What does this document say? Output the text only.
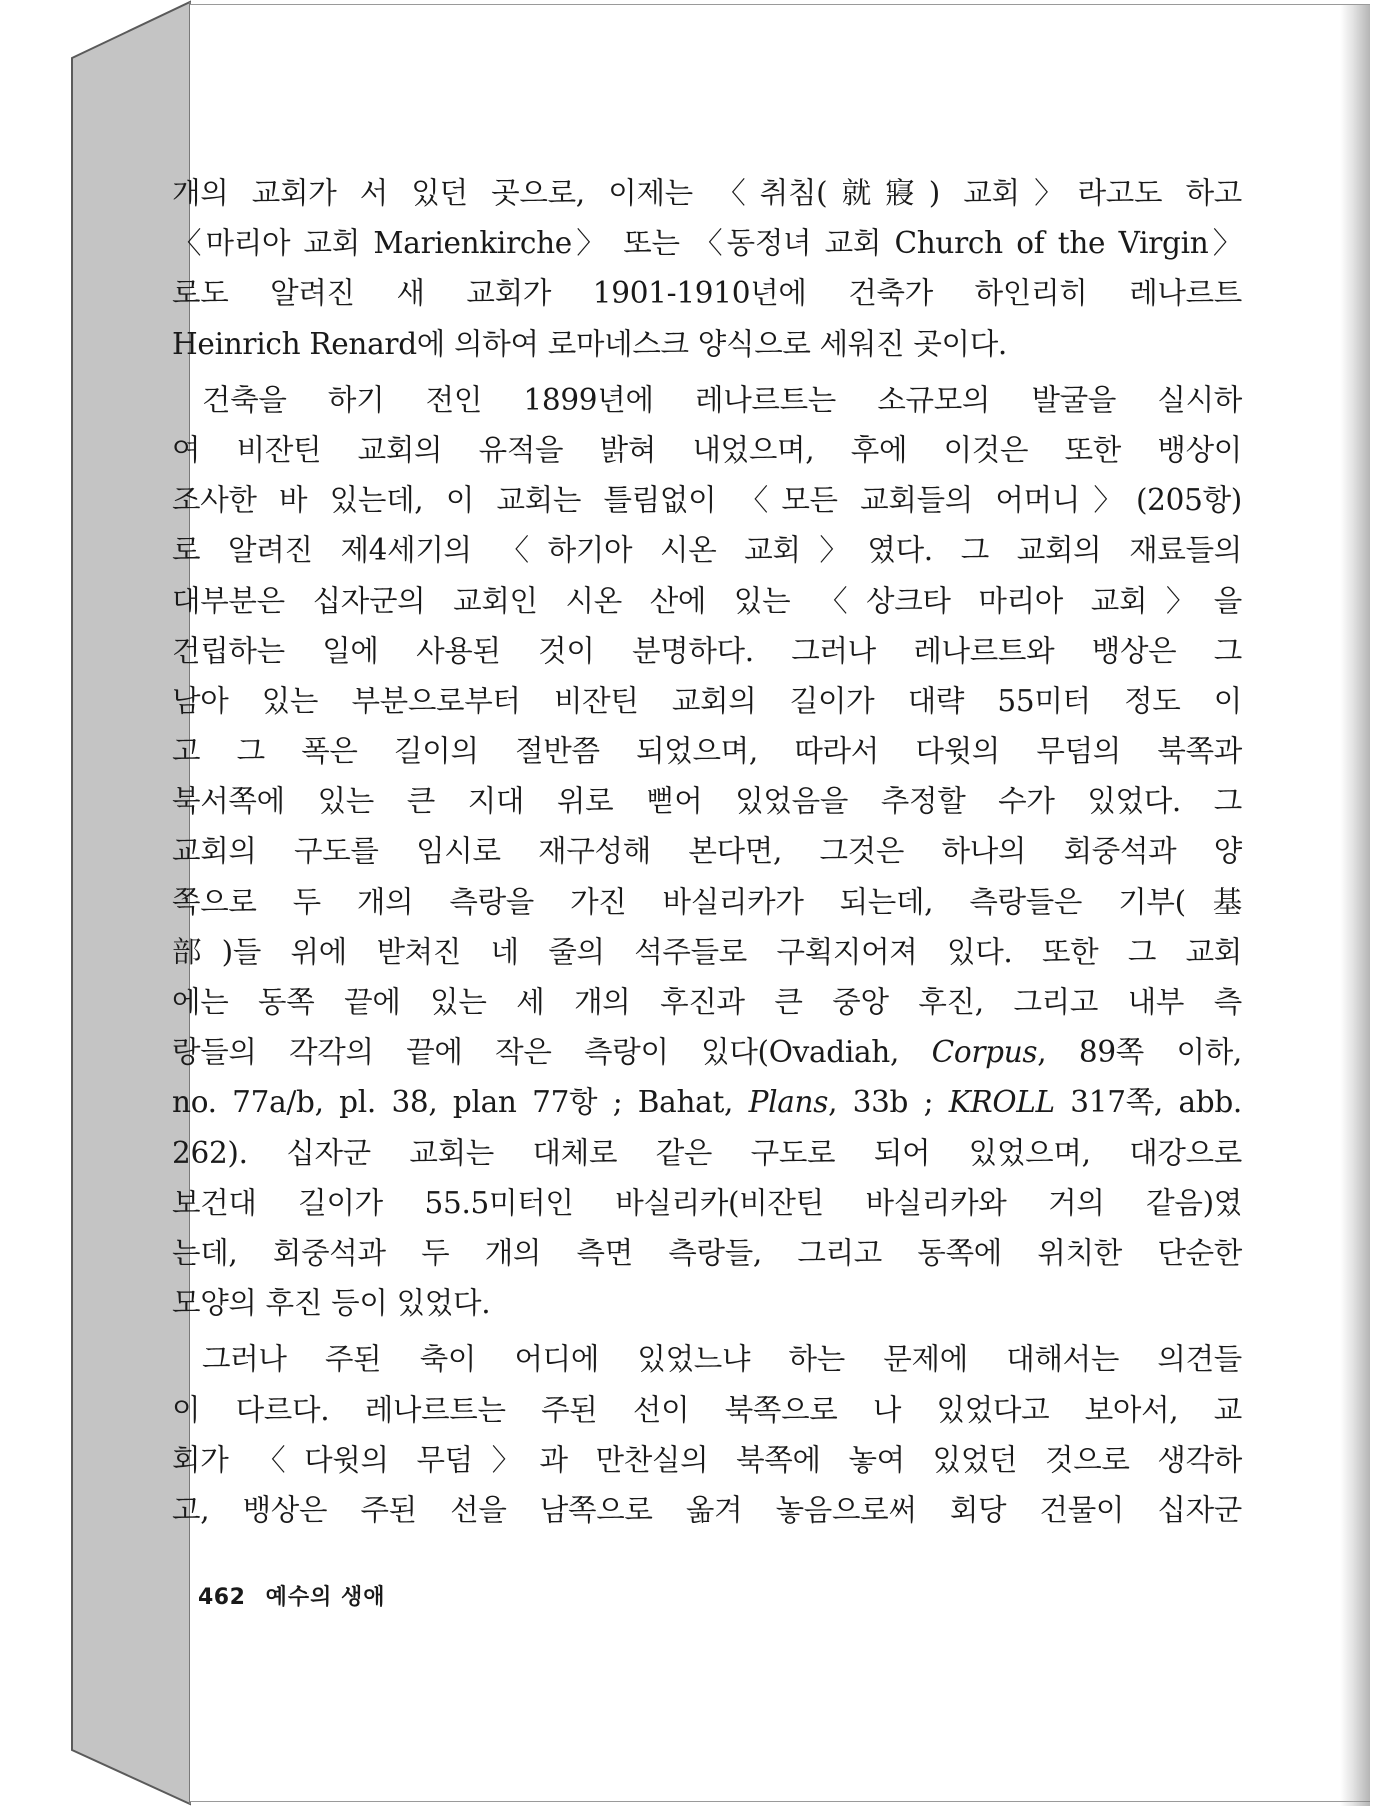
개의 교회가 서 있던 곳으로, 이제는 〈취침(就寢) 교회〉라고도 하고
〈마리아 교회 Marienkirche〉 또는 〈동정녀 교회 Church of the Virgin〉
로도 알려진 새 교회가 1901-1910년에 건축가 하인리히 레나르트
Heinrich Renard에 의하여 로마네스크 양식으로 세워진 곳이다.
건축을 하기 전인 1899년에 레나르트는 소규모의 발굴을 실시하
여 비잔틴 교회의 유적을 밝혀 내었으며, 후에 이것은 또한 뱅상이
조사한 바 있는데, 이 교회는 틀림없이 〈모든 교회들의 어머니〉(205항)
로 알려진 제4세기의 〈하기아 시온 교회〉였다. 그 교회의 재료들의
대부분은 십자군의 교회인 시온 산에 있는 〈상크타 마리아 교회〉을
건립하는 일에 사용된 것이 분명하다. 그러나 레나르트와 뱅상은 그
남아 있는 부분으로부터 비잔틴 교회의 길이가 대략 55미터 정도 이
고 그 폭은 길이의 절반쯤 되었으며, 따라서 다윗의 무덤의 북쪽과
북서쪽에 있는 큰 지대 위로 뻗어 있었음을 추정할 수가 있었다. 그
교회의 구도를 임시로 재구성해 본다면, 그것은 하나의 회중석과 양
쪽으로 두 개의 측랑을 가진 바실리카가 되는데, 측랑들은 기부(基
部)들 위에 받쳐진 네 줄의 석주들로 구획지어져 있다. 또한 그 교회
에는 동쪽 끝에 있는 세 개의 후진과 큰 중앙 후진, 그리고 내부 측
랑들의 각각의 끝에 작은 측랑이 있다(Ovadiah, Corpus, 89쪽 이하,
no. 77a/b, pl. 38, plan 77항 ; Bahat, Plans, 33b ; KROLL 317쪽, abb.
262). 십자군 교회는 대체로 같은 구도로 되어 있었으며, 대강으로
보건대 길이가 55.5미터인 바실리카(비잔틴 바실리카와 거의 같음)였
는데, 회중석과 두 개의 측면 측랑들, 그리고 동쪽에 위치한 단순한
모양의 후진 등이 있었다.
그러나 주된 축이 어디에 있었느냐 하는 문제에 대해서는 의견들
이 다르다. 레나르트는 주된 선이 북쪽으로 나 있었다고 보아서, 교
회가 〈다윗의 무덤〉과 만찬실의 북쪽에 놓여 있었던 것으로 생각하
고, 뱅상은 주된 선을 남쪽으로 옮겨 놓음으로써 회당 건물이 십자군
462 예수의 생애
